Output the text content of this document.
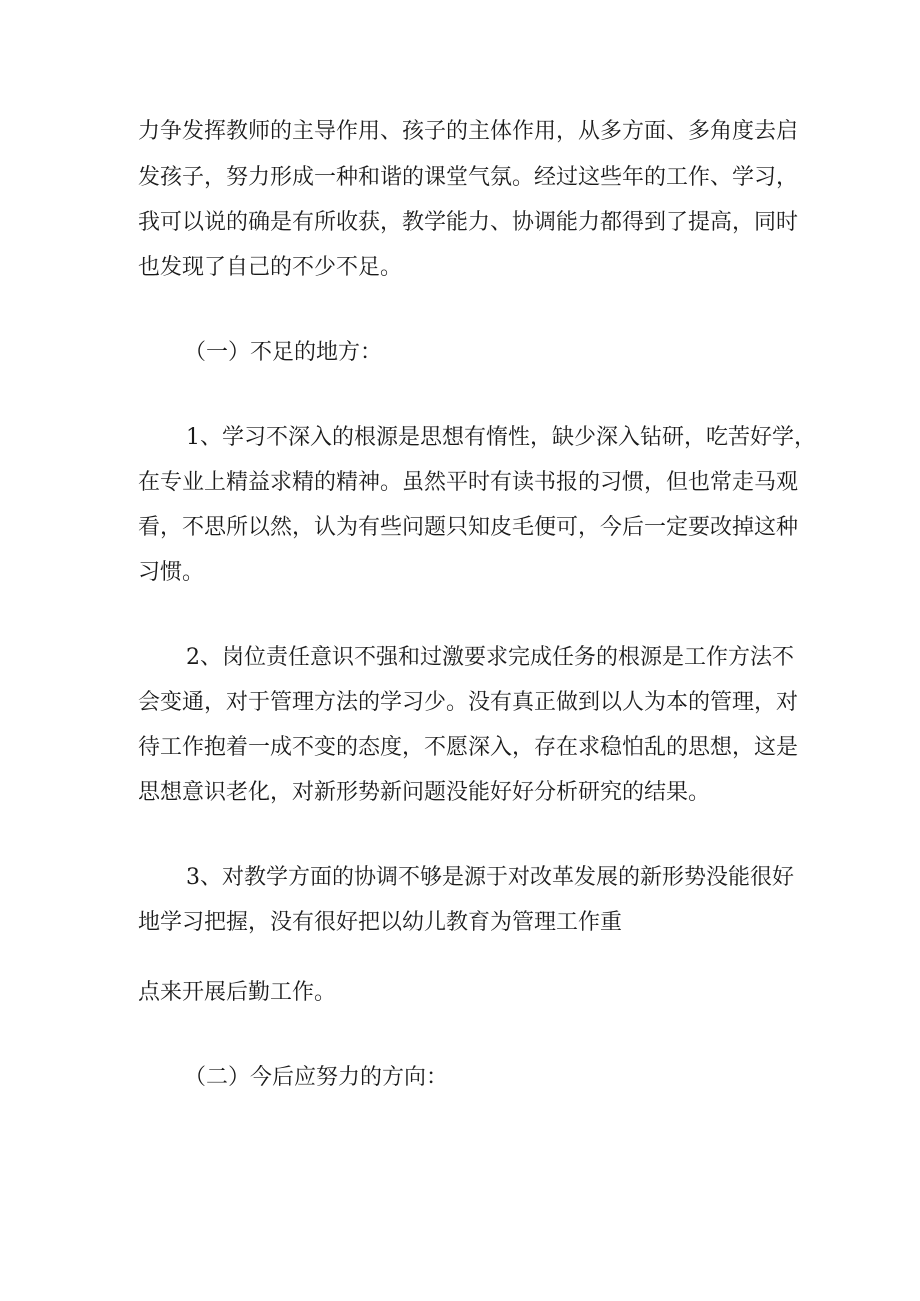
力争发挥教师的主导作用、孩子的主体作用，从多方面、多角度去启
发孩子，努力形成一种和谐的课堂气氛。经过这些年的工作、学习，
我可以说的确是有所收获，教学能力、协调能力都得到了提高，同时
也发现了自己的不少不足。
（一）不足的地方：
1、学习不深入的根源是思想有惰性，缺少深入钻研，吃苦好学，
在专业上精益求精的精神。虽然平时有读书报的习惯，但也常走马观
看，不思所以然，认为有些问题只知皮毛便可，今后一定要改掉这种
习惯。
2、岗位责任意识不强和过激要求完成任务的根源是工作方法不
会变通，对于管理方法的学习少。没有真正做到以人为本的管理，对
待工作抱着一成不变的态度，不愿深入，存在求稳怕乱的思想，这是
思想意识老化，对新形势新问题没能好好分析研究的结果。
3、对教学方面的协调不够是源于对改革发展的新形势没能很好
地学习把握，没有很好把以幼儿教育为管理工作重
点来开展后勤工作。
（二）今后应努力的方向：
